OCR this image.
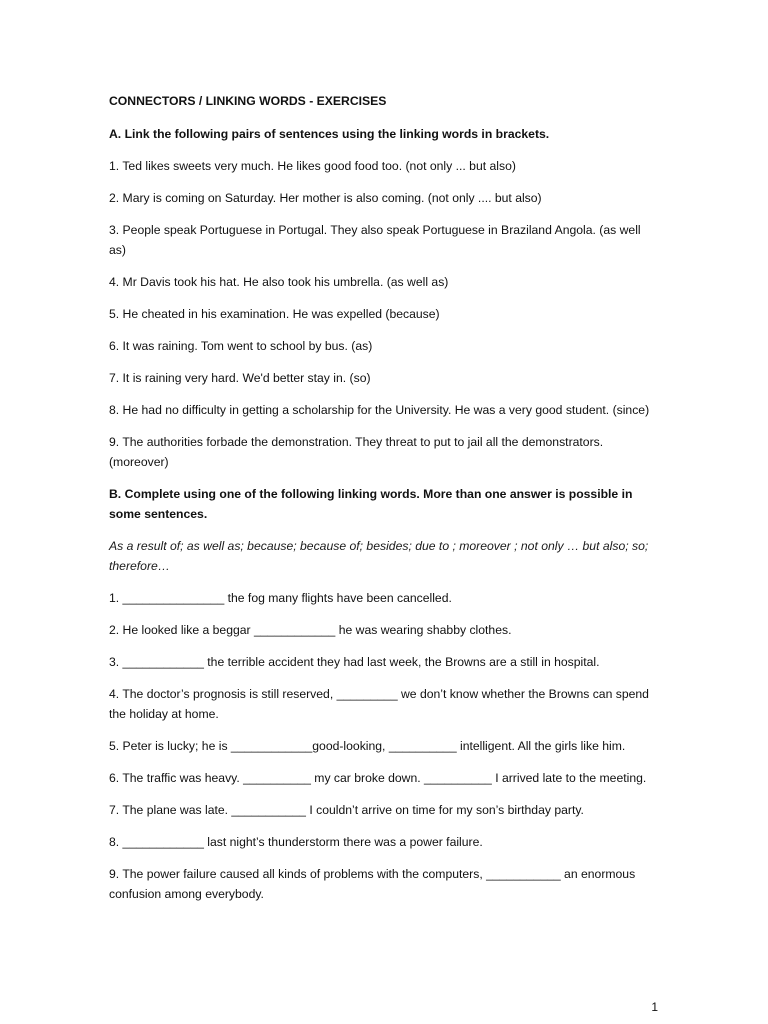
CONNECTORS / LINKING WORDS - EXERCISES
A. Link the following pairs of sentences using the linking words in brackets.
1. Ted likes sweets very much. He likes good food too. (not only ... but also)
2. Mary is coming on Saturday. Her mother is also coming. (not only .... but also)
3. People speak Portuguese in Portugal. They also speak Portuguese in Braziland Angola. (as well as)
4. Mr Davis took his hat. He also took his umbrella. (as well as)
5. He cheated in his examination. He was expelled (because)
6. It was raining. Tom went to school by bus. (as)
7. It is raining very hard. We'd better stay in. (so)
8. He had no difficulty in getting a scholarship for the University. He was a very good student. (since)
9. The authorities forbade the demonstration. They threat to put to jail all the demonstrators. (moreover)
B. Complete using one of the following linking words. More than one answer is possible in some sentences.
As a result of; as well as; because; because of; besides; due to ; moreover ; not only … but also; so; therefore…
1. _______________ the fog many flights have been cancelled.
2. He looked like a beggar ____________ he was wearing shabby clothes.
3. ____________ the terrible accident they had last week, the Browns are a still in hospital.
4. The doctor’s prognosis is still reserved, _________ we don’t know whether the Browns can spend the holiday at home.
5. Peter is lucky; he is ____________good-looking, __________ intelligent. All the girls like him.
6. The traffic was heavy. __________ my car broke down. __________ I arrived late to the meeting.
7. The plane was late. ___________ I couldn’t arrive on time for my son’s birthday party.
8. ____________ last night’s thunderstorm there was a power failure.
9. The power failure caused all kinds of problems with the computers, ___________ an enormous confusion among everybody.
1
